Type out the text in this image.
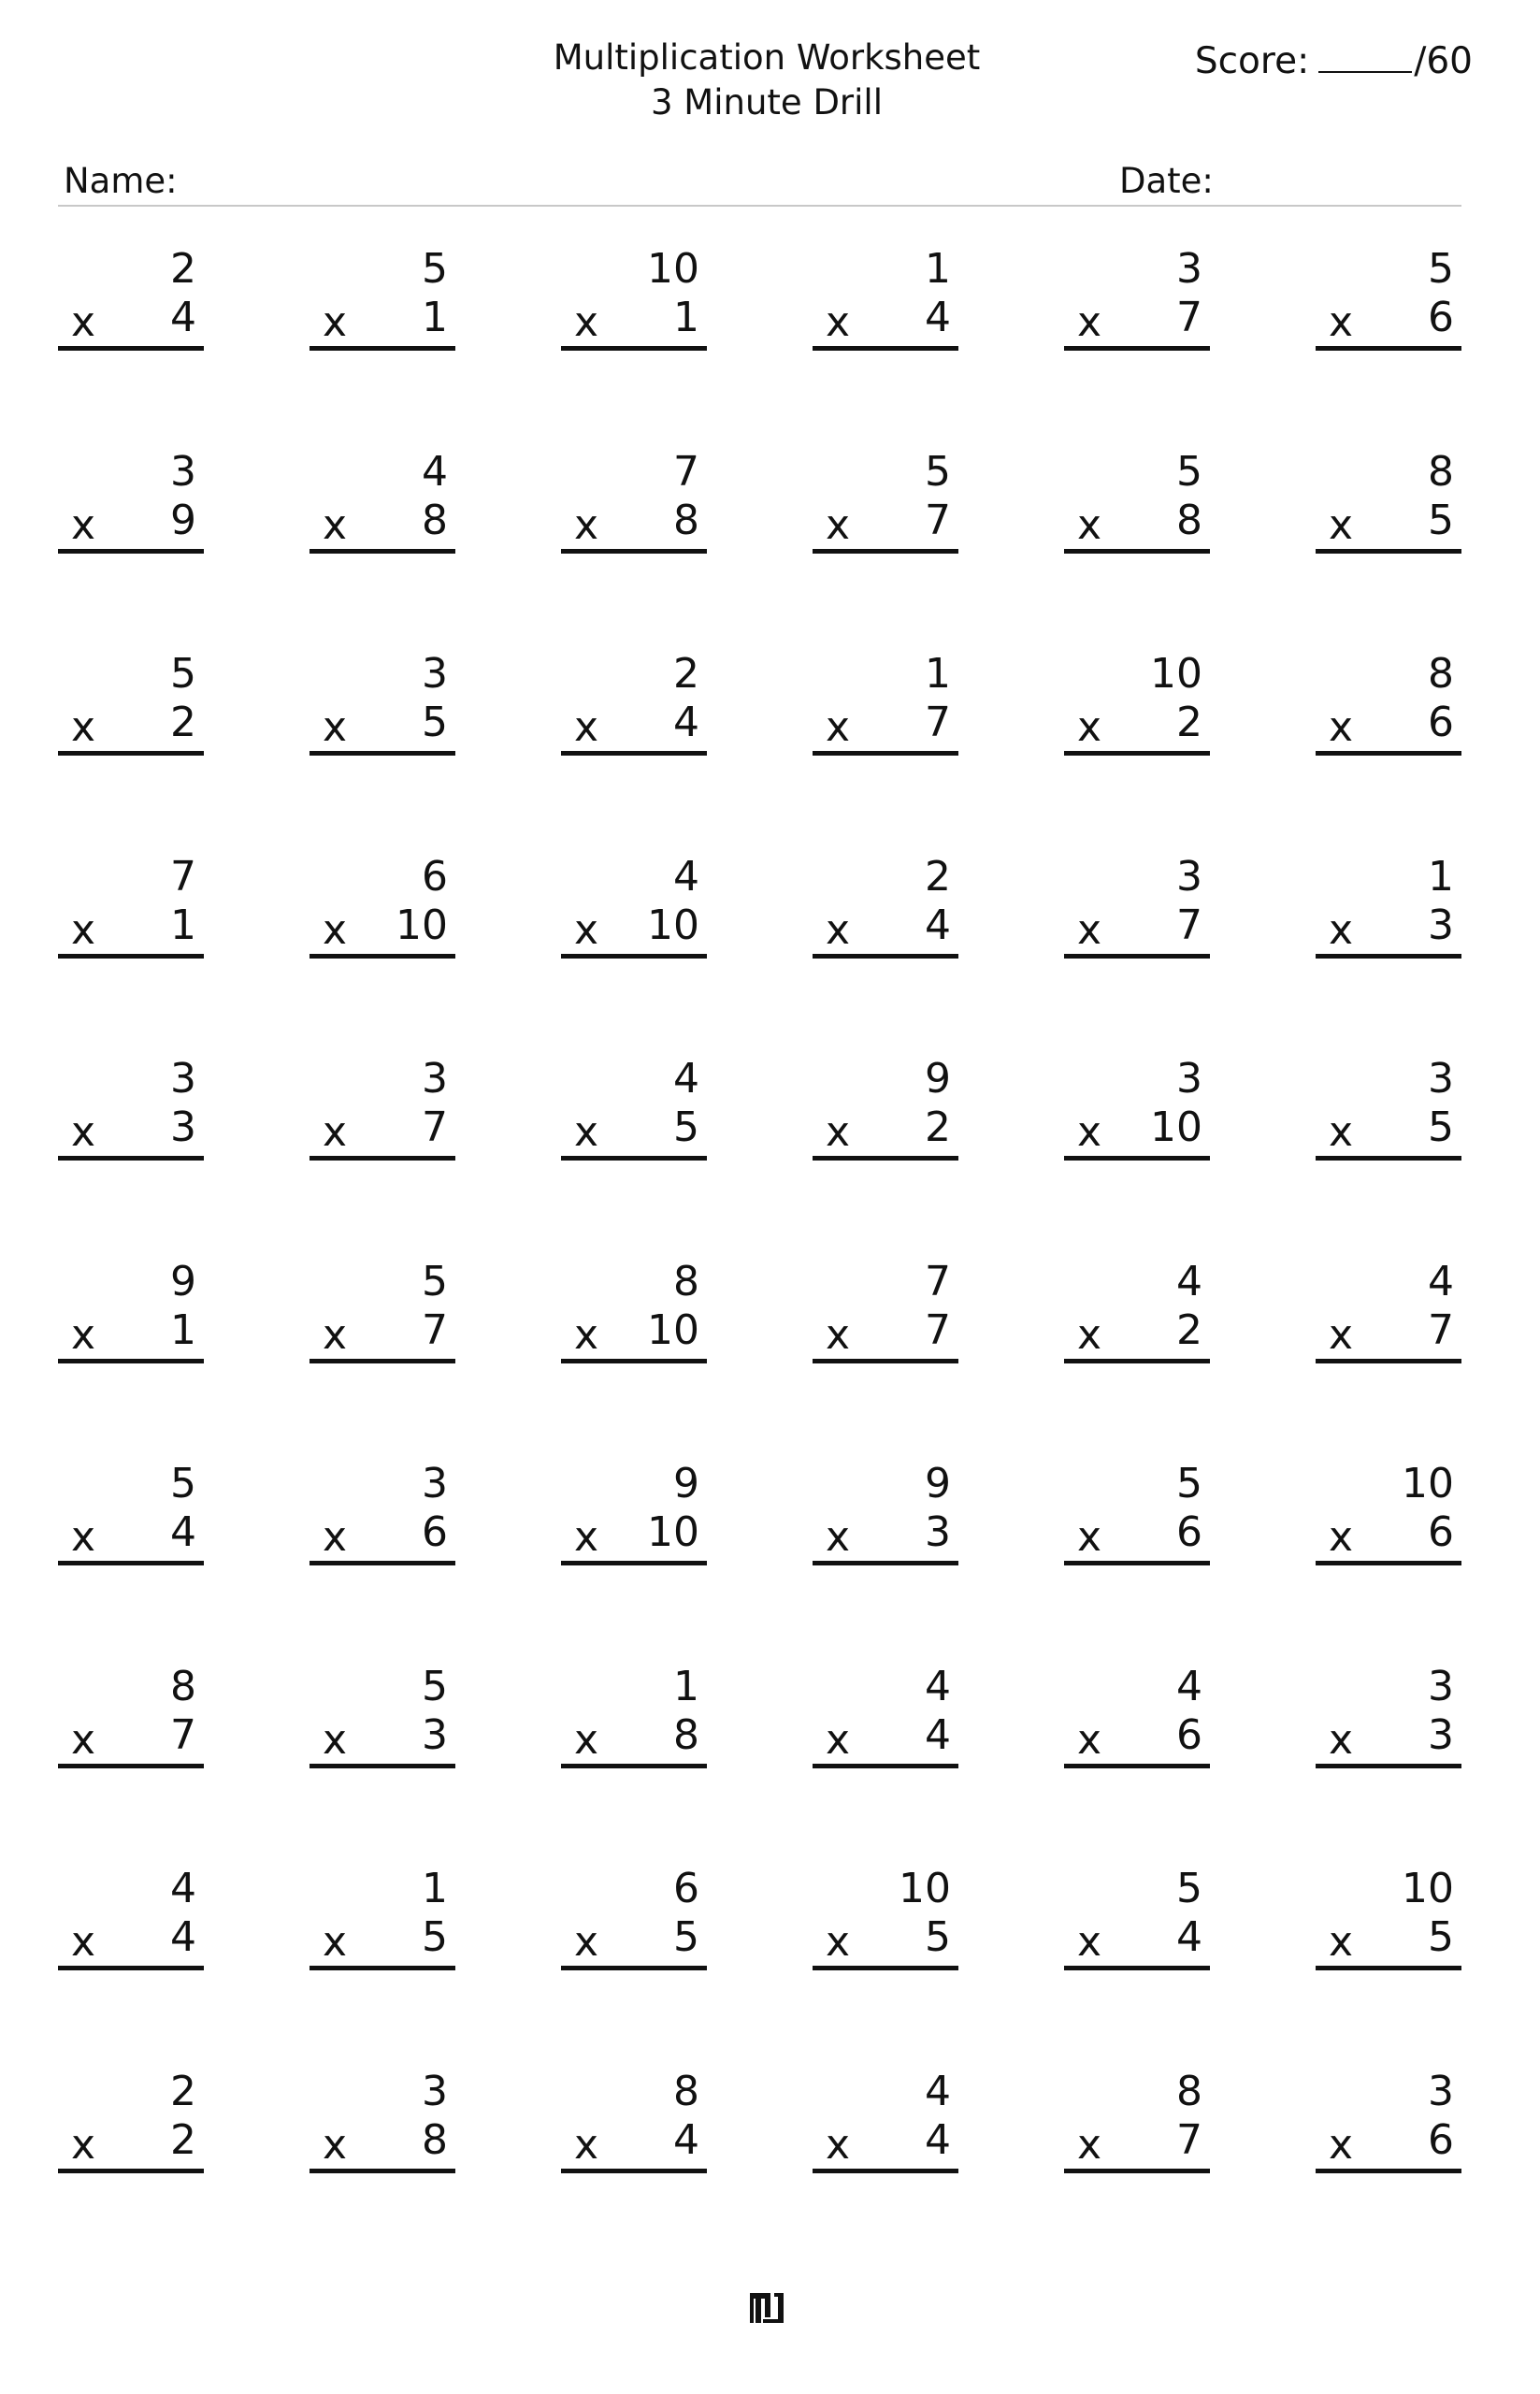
Multiplication Worksheet
3 Minute Drill
Score:	/60
Name:	Date:
2
x 4
5
x 1
10
x 1
1
x 4
3
x 7
5
x 6
3
x 9
4
x 8
7
x 8
5
x 7
5
x 8
8
x 5
5
x 2
3
x 5
2
x 4
1
x 7
10
x 2
8
x 6
7
x 1
6
x 10
4
x 10
2
x 4
3
x 7
1
x 3
3
x 3
3
x 7
4
x 5
9
x 2
3
x 10
3
x 5
9
x 1
5
x 7
8
x 10
7
x 7
4
x 2
4
x 7
5
x 4
3
x 6
9
x 10
9
x 3
5
x 6
10
x 6
8
x 7
5
x 3
1
x 8
4
x 4
4
x 6
3
x 3
4
x 4
1
x 5
6
x 5
10
x 5
5
x 4
10
x 5
2
x 2
3
x 8
8
x 4
4
x 4
8
x 7
3
x 6
